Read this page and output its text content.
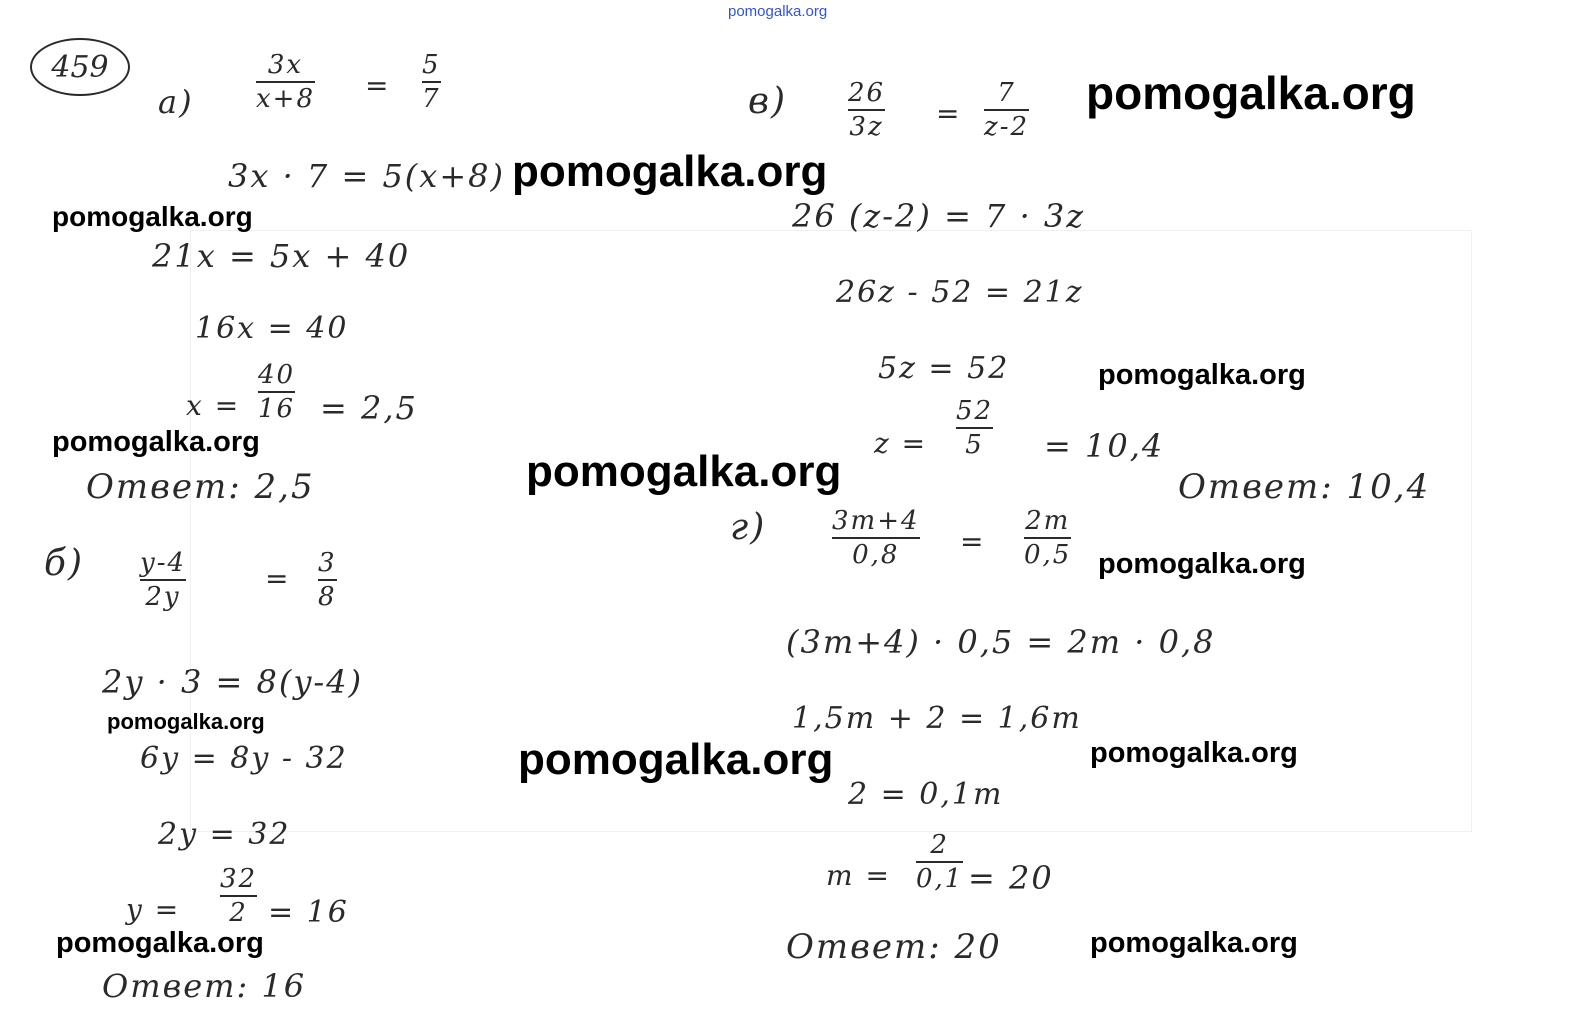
pomogalka.org
459
а)
3x
x+8 =
5
7
3x · 7 = 5(x+8)
21x = 5x + 40
16x = 40
x =
40
16 = 2,5
Ответ: 2,5
б) y-4
2y
= 3
8
2y · 3 = 8(y-4)
6y = 8y - 32
2y = 32
y =
32
2 = 16
Ответ: 16
в) 26
3z =
7
z-2
26 (z-2) = 7 · 3z
26z - 52 = 21z
5z = 52
z =
52
5 = 10,4
Ответ: 10,4
г)	3m+4
0,8 =
2m
0,5
(3m+4) · 0,5 = 2m · 0,8
1,5m + 2 = 1,6m
2 = 0,1m
m =
2
0,1 = 20
Ответ: 20
pomogalka.org
pomogalka.org
pomogalka.org
pomogalka.org
pomogalka.org
pomogalka.org
pomogalka.org
pomogalka.org
pomogalka.org	pomogalka.org
pomogalka.org	pomogalka.org
